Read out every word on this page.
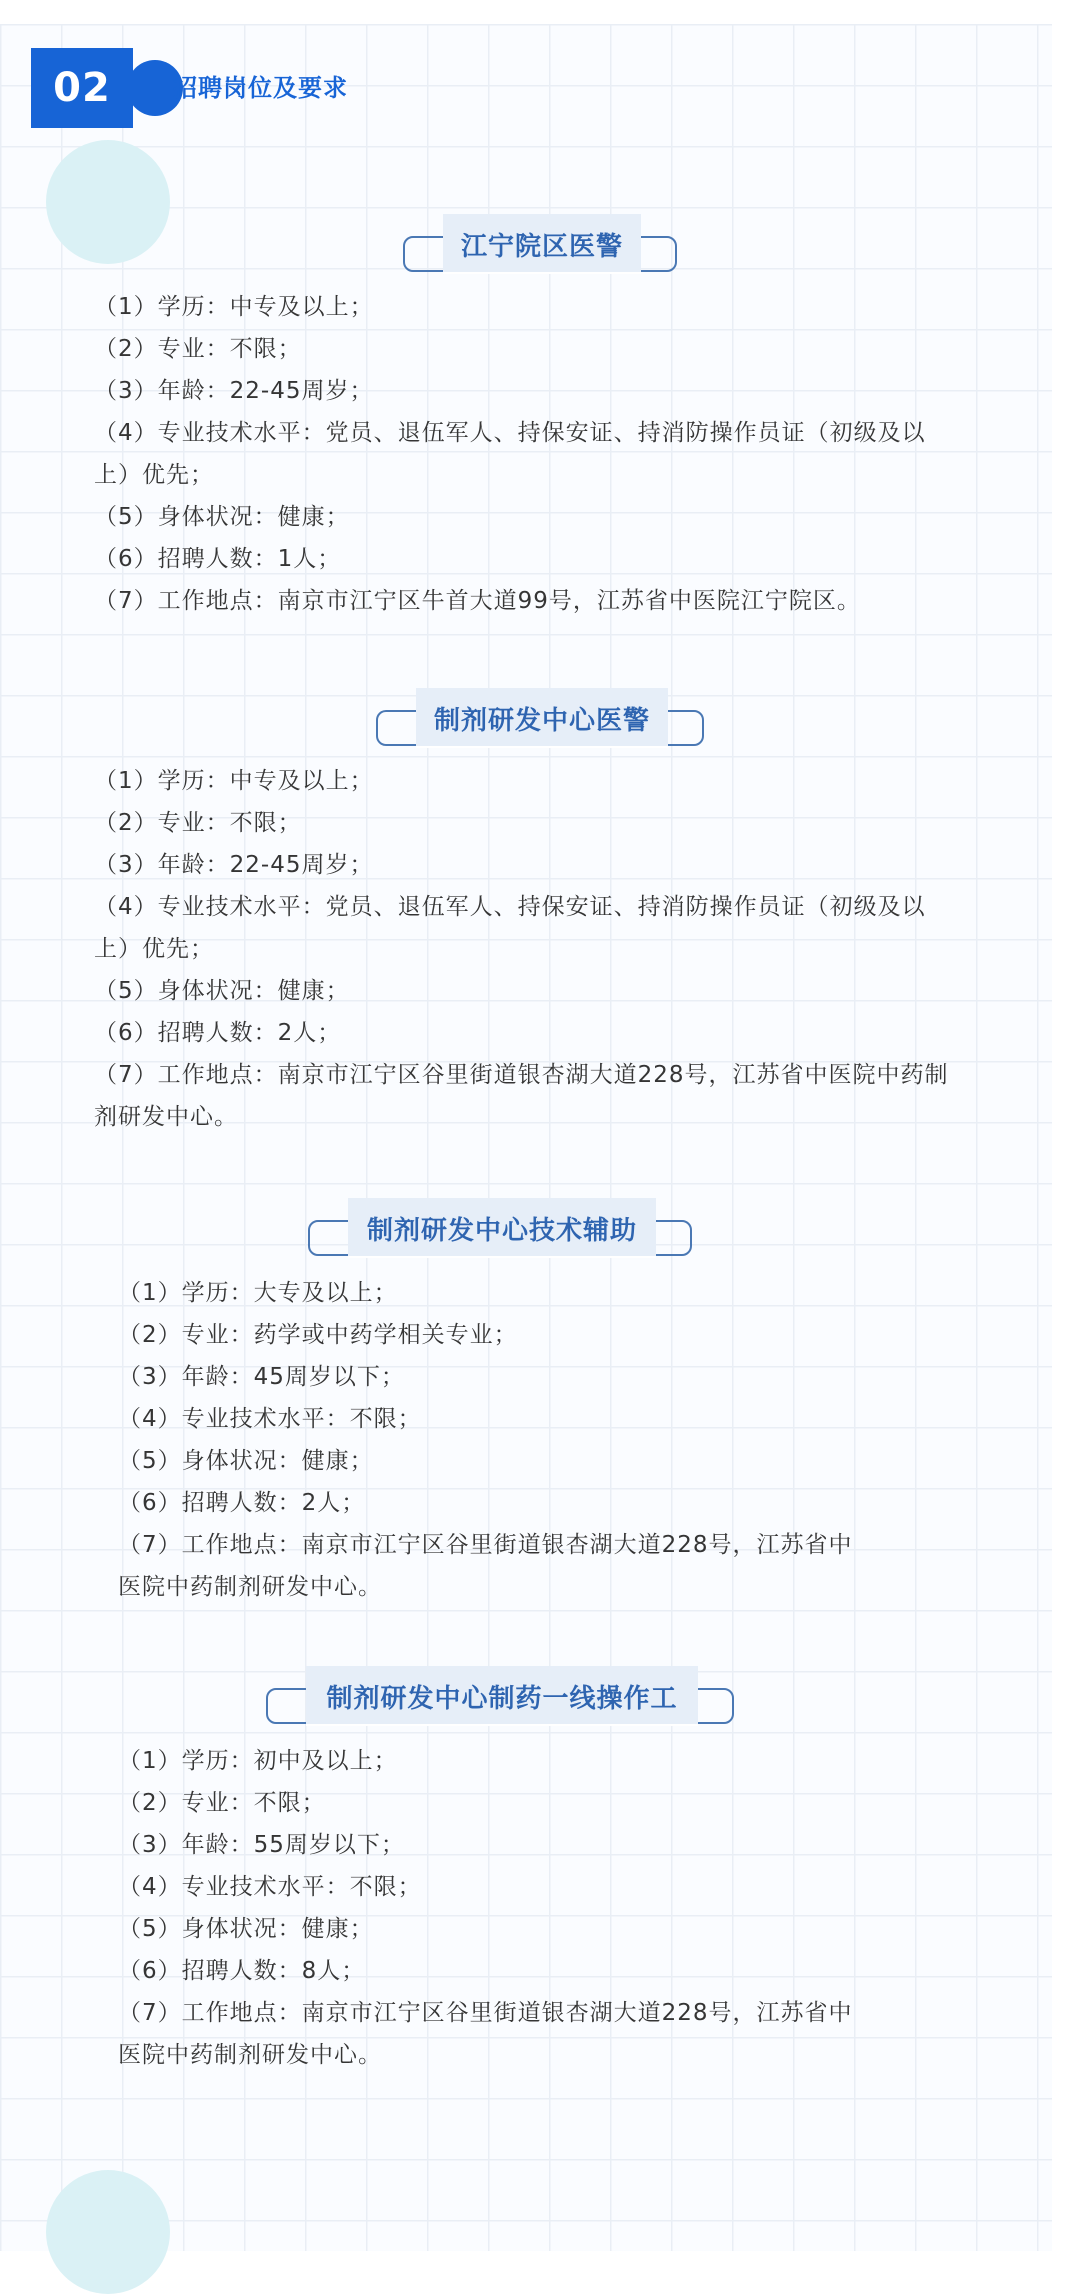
02	招聘岗位及要求
江宁院区医警

（1）学历：中专及以上；

（2）专业：不限；

（3）年龄：22-45周岁；

（4）专业技术水平：党员、退伍军人、持保安证、持消防操作员证（初级及以

上）优先；

（5）身体状况：健康；

（6）招聘人数：1人；

（7）工作地点：南京市江宁区牛首大道99号，江苏省中医院江宁院区。

制剂研发中心医警

（1）学历：中专及以上；

（2）专业：不限；

（3）年龄：22-45周岁；

（4）专业技术水平：党员、退伍军人、持保安证、持消防操作员证（初级及以

上）优先；

（5）身体状况：健康；

（6）招聘人数：2人；

（7）工作地点：南京市江宁区谷里街道银杏湖大道228号，江苏省中医院中药制

剂研发中心。

制剂研发中心技术辅助

（1）学历：大专及以上；

（2）专业：药学或中药学相关专业；

（3）年龄：45周岁以下；

（4）专业技术水平：不限；

（5）身体状况：健康；

（6）招聘人数：2人；

（7）工作地点：南京市江宁区谷里街道银杏湖大道228号，江苏省中

医院中药制剂研发中心。

制剂研发中心制药一线操作工

（1）学历：初中及以上；

（2）专业：不限；

（3）年龄：55周岁以下；

（4）专业技术水平：不限；

（5）身体状况：健康；

（6）招聘人数：8人；

（7）工作地点：南京市江宁区谷里街道银杏湖大道228号，江苏省中

医院中药制剂研发中心。
